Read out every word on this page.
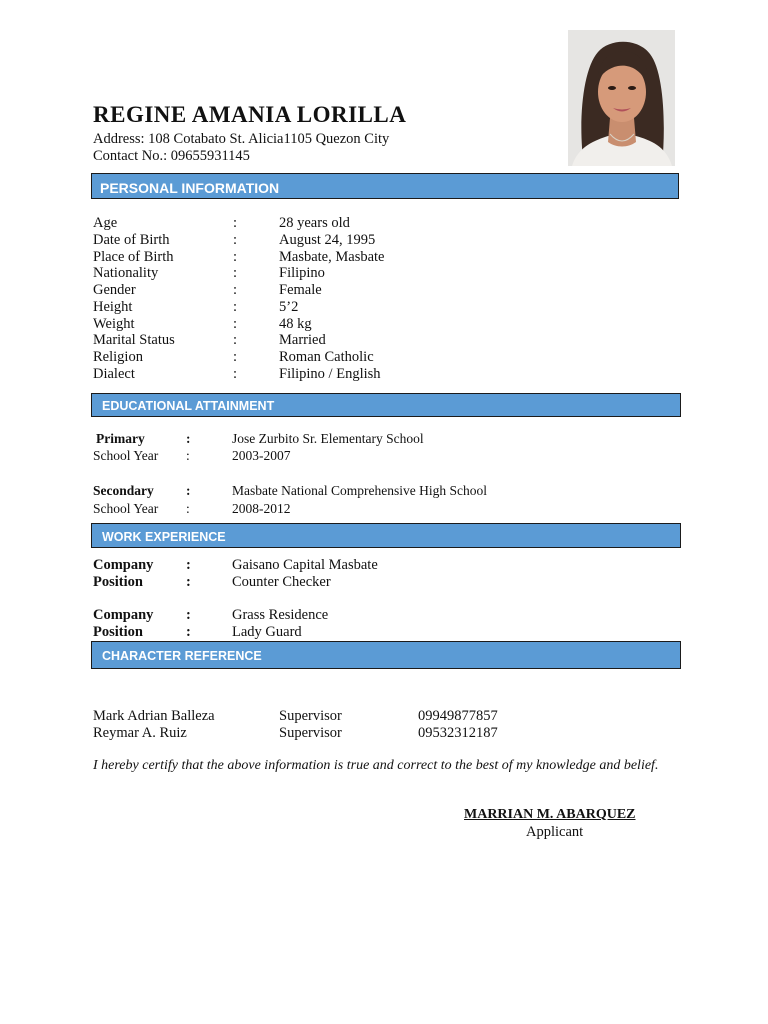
REGINE AMANIA LORILLA
Address: 108 Cotabato St. Alicia1105 Quezon City
Contact No.: 09655931145
PERSONAL INFORMATION
Age	:	28 years old
Date of Birth	:	August 24, 1995
Place of Birth	:	Masbate, Masbate
Nationality	:	Filipino
Gender	:	Female
Height	:	5’2
Weight	:	48 kg
Marital Status	:	Married
Religion	:	Roman Catholic
Dialect	:	Filipino / English
EDUCATIONAL ATTAINMENT
Primary	:	Jose Zurbito Sr. Elementary School
School Year :	2003-2007
Secondary :	Masbate National Comprehensive High School
School Year :	2008-2012
WORK EXPERIENCE
Company :	Gaisano Capital Masbate
Position	:	Counter Checker
Company :	Grass Residence
Position	:	Lady Guard
CHARACTER REFERENCE
Mark Adrian Balleza	Supervisor	09949877857
Reymar A. Ruiz	Supervisor	09532312187
I hereby certify that the above information is true and correct to the best of my knowledge and belief.
MARRIAN M. ABARQUEZ
Applicant
